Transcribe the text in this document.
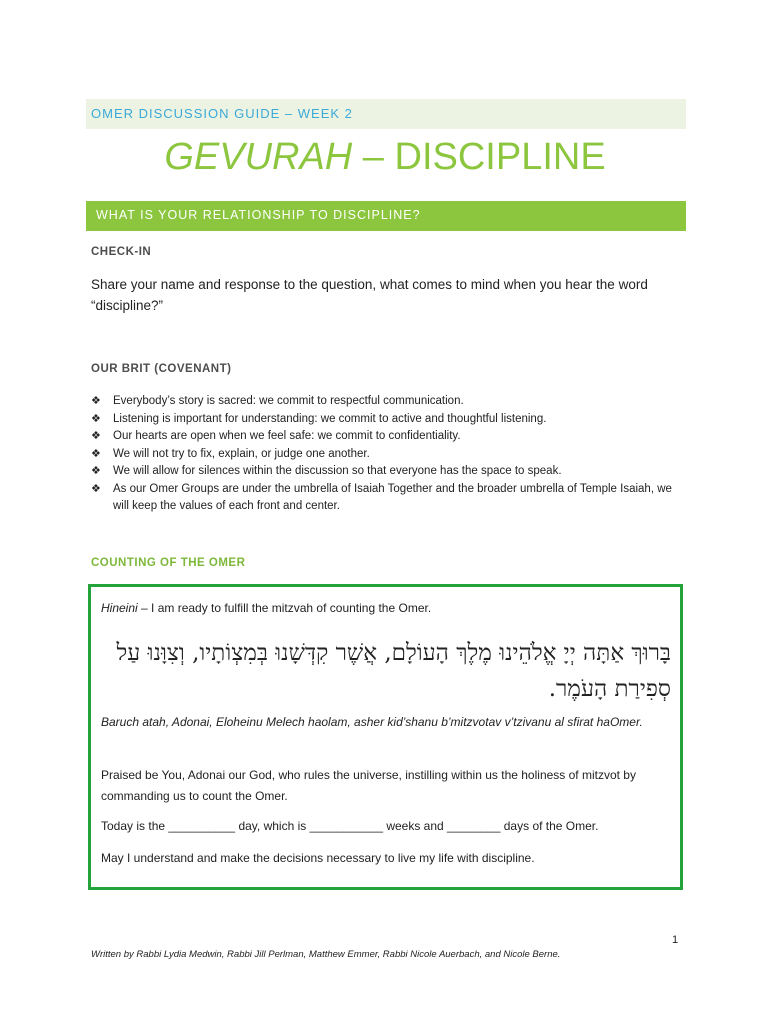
OMER DISCUSSION GUIDE – WEEK 2
GEVURAH – DISCIPLINE
WHAT IS YOUR RELATIONSHIP TO DISCIPLINE?
CHECK-IN
Share your name and response to the question, what comes to mind when you hear the word “discipline?”
OUR BRIT (COVENANT)
❖ Everybody’s story is sacred: we commit to respectful communication.
❖ Listening is important for understanding: we commit to active and thoughtful listening.
❖ Our hearts are open when we feel safe: we commit to confidentiality.
❖ We will not try to fix, explain, or judge one another.
❖ We will allow for silences within the discussion so that everyone has the space to speak.
❖ As our Omer Groups are under the umbrella of Isaiah Together and the broader umbrella of Temple Isaiah, we will keep the values of each front and center.
COUNTING OF THE OMER

Hineini – I am ready to fulfill the mitzvah of counting the Omer.

בָּרוּךְ אַתָּה יְיָ אֱלֹהֵינוּ מֶלֶךְ הָעוֹלָם, אֲשֶׁר קִדְּשָׁנוּ בְּמִצְוֹתָיו, וְצִוָּנוּ עַל סְפִירַת הָעֹמֶר.

Baruch atah, Adonai, Eloheinu Melech haolam, asher kid’shanu b’mitzvotav v’tzivanu al sfirat haOmer.

Praised be You, Adonai our God, who rules the universe, instilling within us the holiness of mitzvot by commanding us to count the Omer.

Today is the __________ day, which is ___________ weeks and ________ days of the Omer.

May I understand and make the decisions necessary to live my life with discipline.

1
Written by Rabbi Lydia Medwin, Rabbi Jill Perlman, Matthew Emmer, Rabbi Nicole Auerbach, and Nicole Berne.
